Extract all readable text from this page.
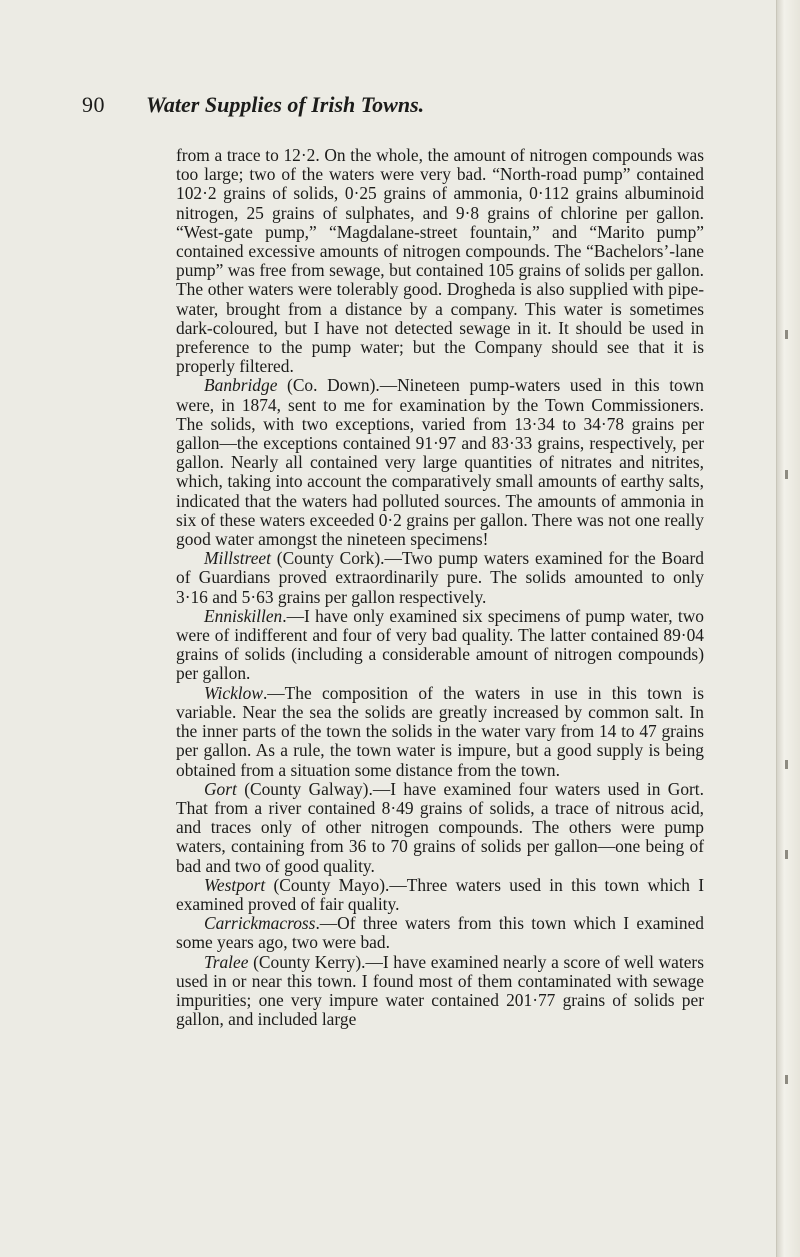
90 Water Supplies of Irish Towns.

from a trace to 12·2. On the whole, the amount of nitrogen compounds was too large; two of the waters were very bad. “North-road pump” contained 102·2 grains of solids, 0·25 grains of ammonia, 0·112 grains albuminoid nitrogen, 25 grains of sulphates, and 9·8 grains of chlorine per gallon. “West-gate pump,” “Magdalane-street fountain,” and “Marito pump” contained excessive amounts of nitrogen compounds. The “Bachelors’-lane pump” was free from sewage, but contained 105 grains of solids per gallon. The other waters were tolerably good. Drogheda is also supplied with pipe-water, brought from a distance by a company. This water is sometimes dark-coloured, but I have not detected sewage in it. It should be used in preference to the pump water; but the Company should see that it is properly filtered.

Banbridge (Co. Down).—Nineteen pump-waters used in this town were, in 1874, sent to me for examination by the Town Commissioners. The solids, with two exceptions, varied from 13·34 to 34·78 grains per gallon—the exceptions contained 91·97 and 83·33 grains, respectively, per gallon. Nearly all contained very large quantities of nitrates and nitrites, which, taking into account the comparatively small amounts of earthy salts, indicated that the waters had polluted sources. The amounts of ammonia in six of these waters exceeded 0·2 grains per gallon. There was not one really good water amongst the nineteen specimens!

Millstreet (County Cork).—Two pump waters examined for the Board of Guardians proved extraordinarily pure. The solids amounted to only 3·16 and 5·63 grains per gallon respectively.

Enniskillen.—I have only examined six specimens of pump water, two were of indifferent and four of very bad quality. The latter contained 89·04 grains of solids (including a considerable amount of nitrogen compounds) per gallon.

Wicklow.—The composition of the waters in use in this town is variable. Near the sea the solids are greatly increased by common salt. In the inner parts of the town the solids in the water vary from 14 to 47 grains per gallon. As a rule, the town water is impure, but a good supply is being obtained from a situation some distance from the town.

Gort (County Galway).—I have examined four waters used in Gort. That from a river contained 8·49 grains of solids, a trace of nitrous acid, and traces only of other nitrogen compounds. The others were pump waters, containing from 36 to 70 grains of solids per gallon—one being of bad and two of good quality.

Westport (County Mayo).—Three waters used in this town which I examined proved of fair quality.

Carrickmacross.—Of three waters from this town which I examined some years ago, two were bad.

Tralee (County Kerry).—I have examined nearly a score of well waters used in or near this town. I found most of them contaminated with sewage impurities; one very impure water contained 201·77 grains of solids per gallon, and included large
